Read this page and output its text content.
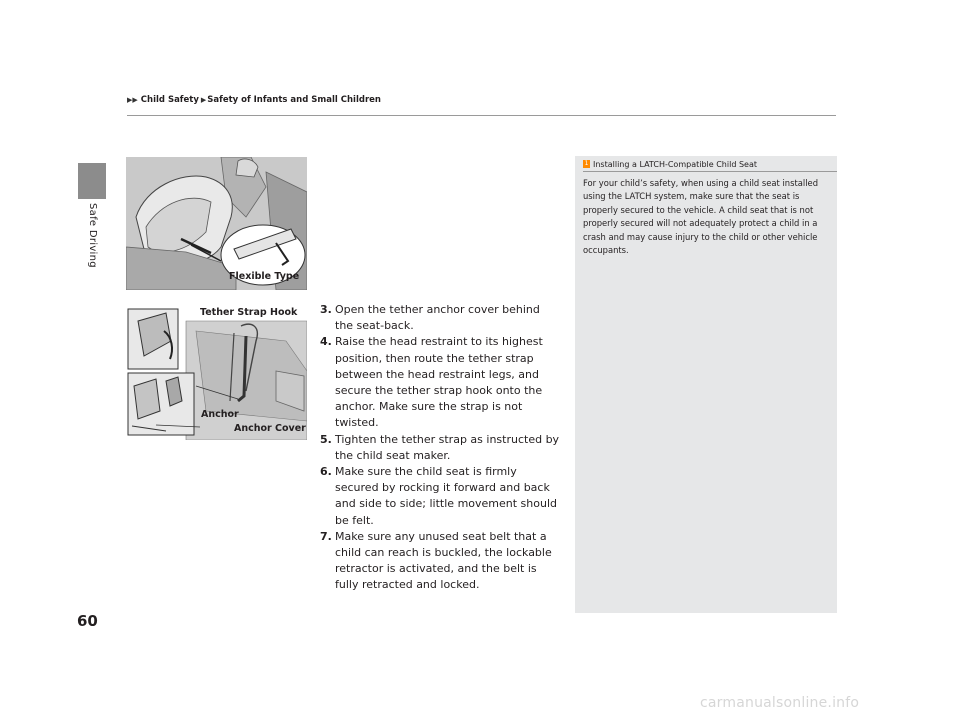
Safe Driving
▶▶ Child Safety ▶ Safety of Infants and Small Children
Flexible Type
Tether Strap Hook
Anchor
Anchor Cover
3. Open the tether anchor cover behind the seat-back.
4. Raise the head restraint to its highest position, then route the tether strap between the head restraint legs, and secure the tether strap hook onto the anchor. Make sure the strap is not twisted.
5. Tighten the tether strap as instructed by the child seat maker.
6. Make sure the child seat is firmly secured by rocking it forward and back and side to side; little movement should be felt.
7. Make sure any unused seat belt that a child can reach is buckled, the lockable retractor is activated, and the belt is fully retracted and locked.
1 Installing a LATCH-Compatible Child Seat
For your child’s safety, when using a child seat installed using the LATCH system, make sure that the seat is properly secured to the vehicle. A child seat that is not properly secured will not adequately protect a child in a crash and may cause injury to the child or other vehicle occupants.
60
carmanualsonline.info
